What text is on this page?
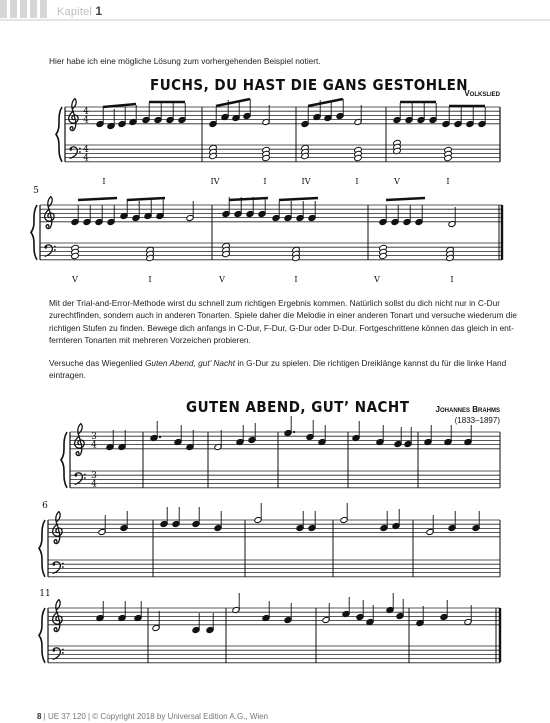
Kapitel 1
Hier habe ich eine mögliche Lösung zum vorhergehenden Beispiel notiert.
FUCHS, DU HAST DIE GANS GESTOHLEN
Volkslied
Mit der Trial-and-Error-Methode wirst du schnell zum richtigen Ergebnis kommen. Natürlich sollst du dich nicht nur in C-Dur
zurechtfinden, sondern auch in anderen Tonarten. Spiele daher die Melodie in einer anderen Tonart und versuche wiederum die
richtigen Stufen zu finden. Bewege dich anfangs in C-Dur, F-Dur, G-Dur oder D-Dur. Fortgeschrittene können das gleich in ent-
fernteren Tonarten mit mehreren Vorzeichen probieren.
Versuche das Wiegenlied Guten Abend, gut’ Nacht in G-Dur zu spielen. Die richtigen Dreiklänge kannst du für die linke Hand
eintragen.
GUTEN ABEND, GUT’ NACHT	Johannes Brahms
(1833–1897)
8 | UE 37 120 | © Copyright 2018 by Universal Edition A.G., Wien
4
4
4
4
I	IV	I	IV	I	V	I
5
V	I	V	I	V	I
3
4
3
4
6
11
